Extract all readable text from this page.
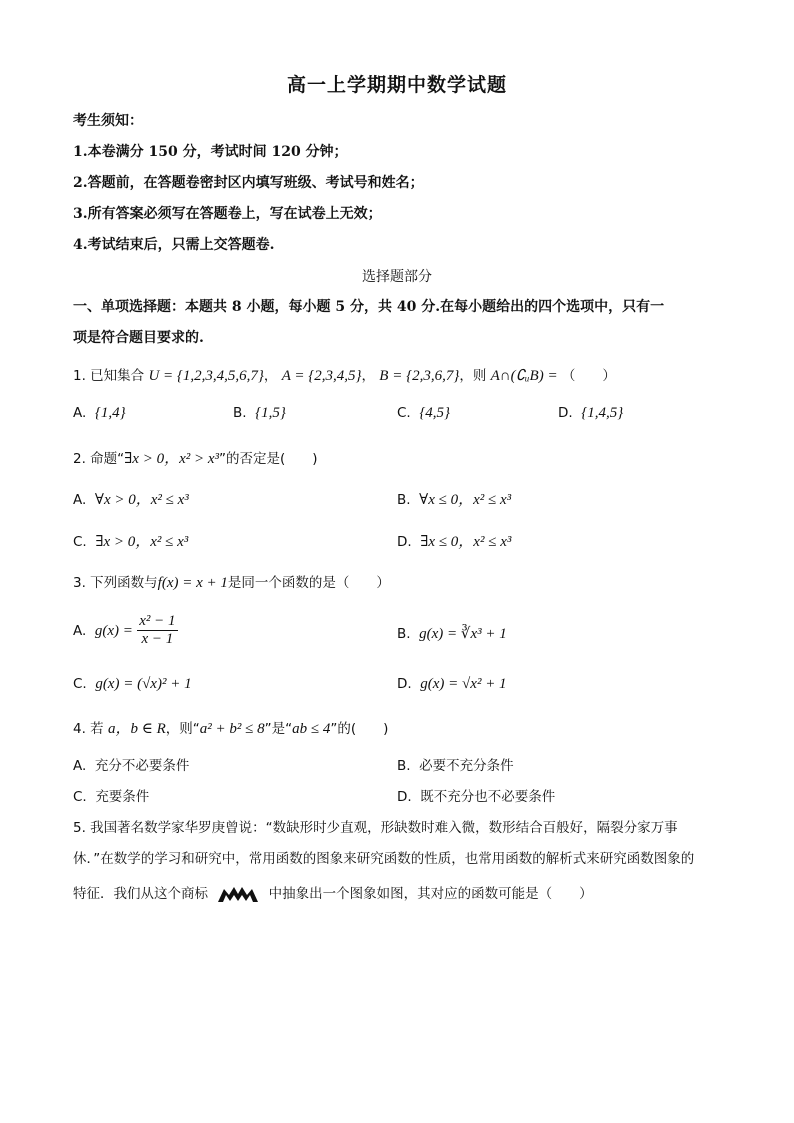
高一上学期期中数学试题
考生须知：
1.本卷满分 150 分，考试时间 120 分钟；
2.答题前，在答题卷密封区内填写班级、考试号和姓名；
3.所有答案必须写在答题卷上，写在试卷上无效；
4.考试结束后，只需上交答题卷.
选择题部分
一、单项选择题：本题共 8 小题，每小题 5 分，共 40 分.在每小题给出的四个选项中，只有一
项是符合题目要求的.
1. 已知集合 U = {1,2,3,4,5,6,7}， A = {2,3,4,5}， B = {2,3,6,7}，则 A∩(∁ᵤB) = （　　）
A. {1,4}	B. {1,5}	C. {4,5}	D. {1,4,5}
2. 命题“∃x > 0，x² > x³”的否定是(　　)
A. ∀x > 0，x² ≤ x³	B. ∀x ≤ 0，x² ≤ x³
C. ∃x > 0，x² ≤ x³	D. ∃x ≤ 0，x² ≤ x³
3. 下列函数与f(x) = x + 1是同一个函数的是（　　）
A. $g(x) = \frac{\text{x² − 1}}{x - 1}$	B. g(x) = ∛x³ + 1
C. g(x) = (√x)² + 1	D. g(x) = √x² + 1
4. 若 a，b ∈ R，则“a² + b² ≤ 8”是“ab ≤ 4”的(　　)
A. 充分不必要条件	B. 必要不充分条件
C. 充要条件	D. 既不充分也不必要条件
5. 我国著名数学家华罗庚曾说：“数缺形时少直观，形缺数时难入微，数形结合百般好，隔裂分家万事
休．”在数学的学习和研究中，常用函数的图象来研究函数的性质，也常用函数的解析式来研究函数图象的
特征．我们从这个商标	中抽象出一个图象如图，其对应的函数可能是（　　）
